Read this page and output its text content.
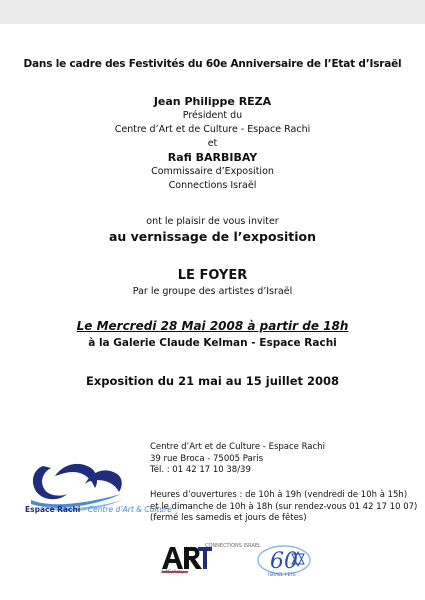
Dans le cadre des Festivités du 60e Anniversaire de l’Etat d’Israël
Jean Philippe REZA
Président du
Centre d’Art et de Culture - Espace Rachi
et
Rafi BARBIBAY
Commissaire d’Exposition
Connections Israël
ont le plaisir de vous inviter
au vernissage de l’exposition
LE FOYER
Par le groupe des artistes d’Israël
Le Mercredi 28 Mai 2008 à partir de 18h
à la Galerie Claude Kelman - Espace Rachi
Exposition du 21 mai au 15 juillet 2008
Centre d’Art et de Culture - Espace Rachi
39 rue Broca - 75005 Paris
Tél. : 01 42 17 10 38/39
Heures d’ouvertures : de 10h à 19h (vendredi de 10h à 15h)
et le dimanche de 10h à 18h (sur rendez-vous 01 42 17 10 07)
(fermé les samedis et jours de fêtes)
Espace Rachi - Centre d’Art & Culture
CONNECTIONS ISRAEL
ArtGallery	60
ISRAEL FETE
